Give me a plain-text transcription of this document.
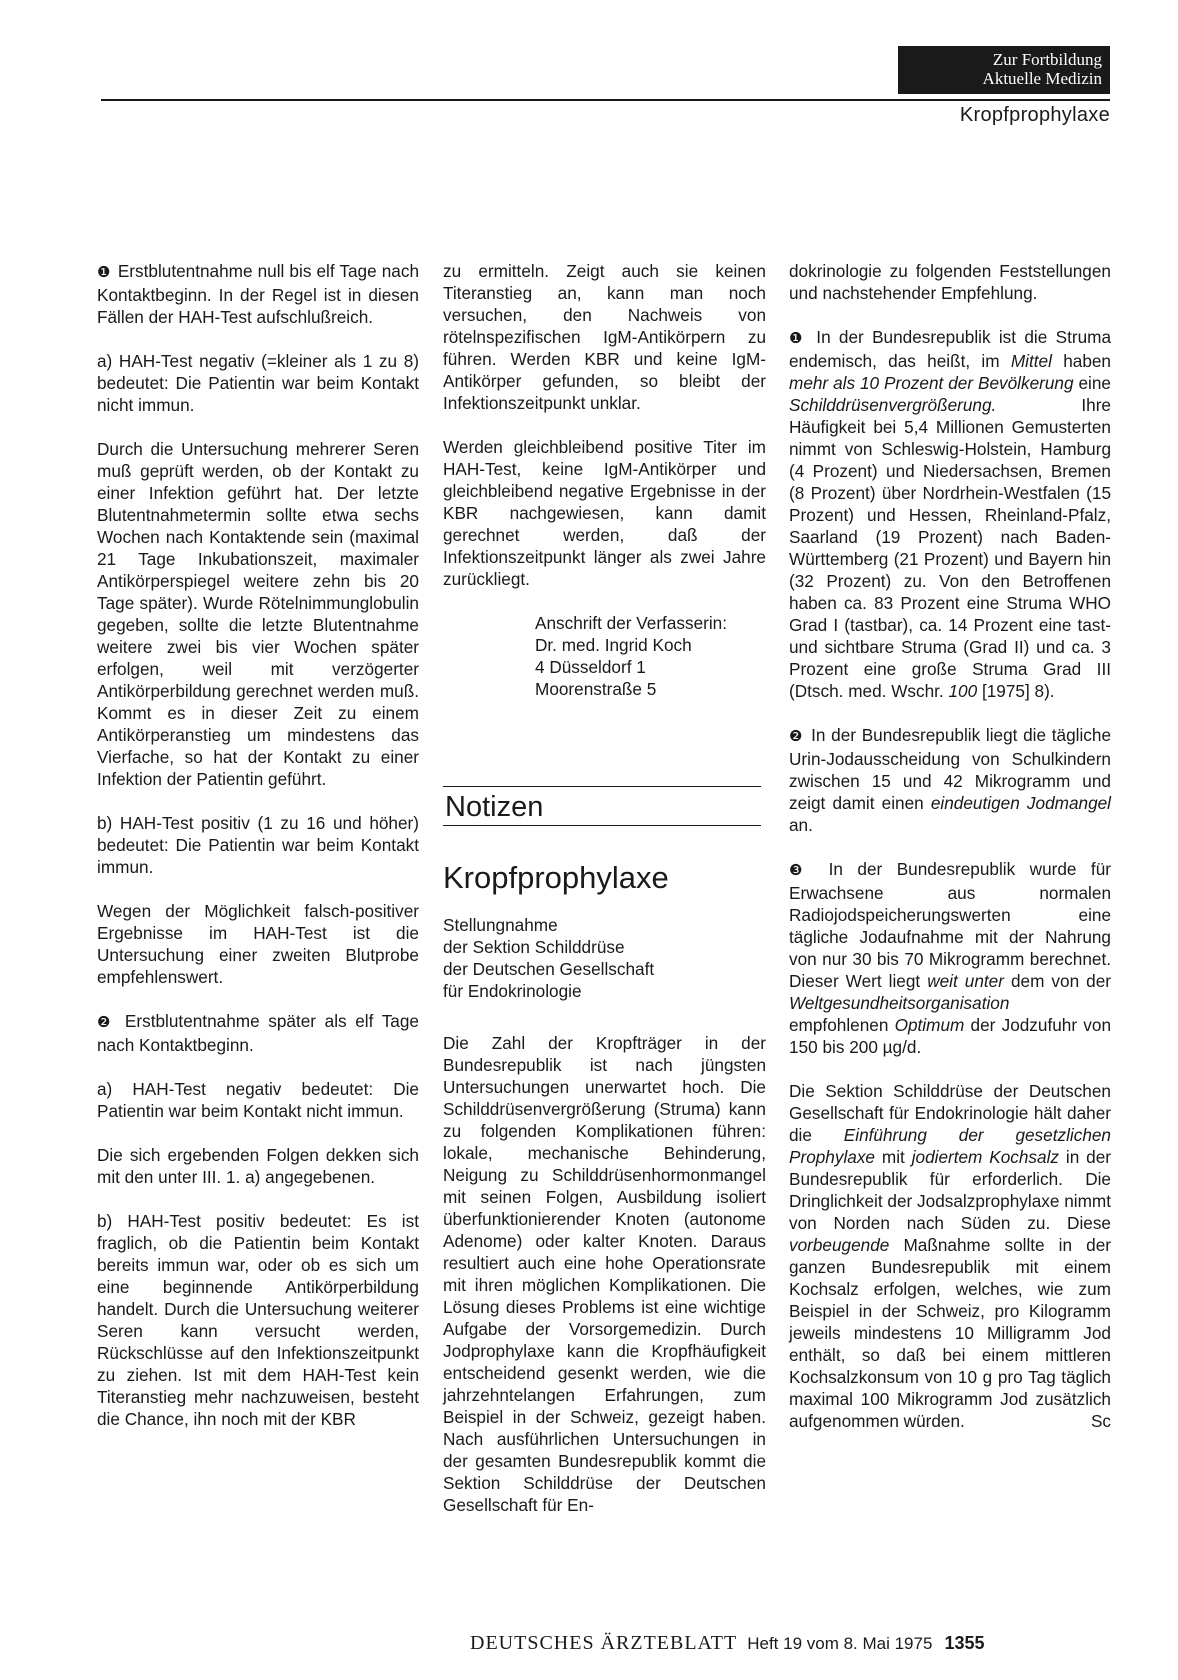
Zur Fortbildung
Aktuelle Medizin
Kropfprophylaxe

❶ Erstblutentnahme null bis elf Tage nach Kontaktbeginn. In der Regel ist in diesen Fällen der HAH-Test aufschlußreich.

a) HAH-Test negativ (=kleiner als 1 zu 8) bedeutet: Die Patientin war beim Kontakt nicht immun.

Durch die Untersuchung mehrerer Seren muß geprüft werden, ob der Kontakt zu einer Infektion geführt hat. Der letzte Blutentnahmetermin sollte etwa sechs Wochen nach Kontaktende sein (maximal 21 Tage Inkubationszeit, maximaler Antikörperspiegel weitere zehn bis 20 Tage später). Wurde Rötelnimmunglobulin gegeben, sollte die letzte Blutentnahme weitere zwei bis vier Wochen später erfolgen, weil mit verzögerter Antikörperbildung gerechnet werden muß. Kommt es in dieser Zeit zu einem Antikörperanstieg um mindestens das Vierfache, so hat der Kontakt zu einer Infektion der Patientin geführt.

b) HAH-Test positiv (1 zu 16 und höher) bedeutet: Die Patientin war beim Kontakt immun.

Wegen der Möglichkeit falsch-positiver Ergebnisse im HAH-Test ist die Untersuchung einer zweiten Blutprobe empfehlenswert.

❷ Erstblutentnahme später als elf Tage nach Kontaktbeginn.

a) HAH-Test negativ bedeutet: Die Patientin war beim Kontakt nicht immun.

Die sich ergebenden Folgen dekken sich mit den unter III. 1. a) angegebenen.

b) HAH-Test positiv bedeutet: Es ist fraglich, ob die Patientin beim Kontakt bereits immun war, oder ob es sich um eine beginnende Antikörperbildung handelt. Durch die Untersuchung weiterer Seren kann versucht werden, Rückschlüsse auf den Infektionszeitpunkt zu ziehen. Ist mit dem HAH-Test kein Titeranstieg mehr nachzuweisen, besteht die Chance, ihn noch mit der KBR

zu ermitteln. Zeigt auch sie keinen Titeranstieg an, kann man noch versuchen, den Nachweis von rötelnspezifischen IgM-Antikörpern zu führen. Werden KBR und keine IgM-Antikörper gefunden, so bleibt der Infektionszeitpunkt unklar.

Werden gleichbleibend positive Titer im HAH-Test, keine IgM-Antikörper und gleichbleibend negative Ergebnisse in der KBR nachgewiesen, kann damit gerechnet werden, daß der Infektionszeitpunkt länger als zwei Jahre zurückliegt.

Anschrift der Verfasserin:
Dr. med. Ingrid Koch
4 Düsseldorf 1
Moorenstraße 5
Notizen
Kropfprophylaxe
Stellungnahme
der Sektion Schilddrüse
der Deutschen Gesellschaft
für Endokrinologie

Die Zahl der Kropfträger in der Bundesrepublik ist nach jüngsten Untersuchungen unerwartet hoch. Die Schilddrüsenvergrößerung (Struma) kann zu folgenden Komplikationen führen: lokale, mechanische Behinderung, Neigung zu Schilddrüsenhormonmangel mit seinen Folgen, Ausbildung isoliert überfunktionierender Knoten (autonome Adenome) oder kalter Knoten. Daraus resultiert auch eine hohe Operationsrate mit ihren möglichen Komplikationen. Die Lösung dieses Problems ist eine wichtige Aufgabe der Vorsorgemedizin. Durch Jodprophylaxe kann die Kropfhäufigkeit entscheidend gesenkt werden, wie die jahrzehntelangen Erfahrungen, zum Beispiel in der Schweiz, gezeigt haben. Nach ausführlichen Untersuchungen in der gesamten Bundesrepublik kommt die Sektion Schilddrüse der Deutschen Gesellschaft für En-

dokrinologie zu folgenden Feststellungen und nachstehender Empfehlung.

❶ In der Bundesrepublik ist die Struma endemisch, das heißt, im Mittel haben mehr als 10 Prozent der Bevölkerung eine Schilddrüsenvergrößerung. Ihre Häufigkeit bei 5,4 Millionen Gemusterten nimmt von Schleswig-Holstein, Hamburg (4 Prozent) und Niedersachsen, Bremen (8 Prozent) über Nordrhein-Westfalen (15 Prozent) und Hessen, Rheinland-Pfalz, Saarland (19 Prozent) nach Baden-Württemberg (21 Prozent) und Bayern hin (32 Prozent) zu. Von den Betroffenen haben ca. 83 Prozent eine Struma WHO Grad I (tastbar), ca. 14 Prozent eine tast- und sichtbare Struma (Grad II) und ca. 3 Prozent eine große Struma Grad III (Dtsch. med. Wschr. 100 [1975] 8).

❷ In der Bundesrepublik liegt die tägliche Urin-Jodausscheidung von Schulkindern zwischen 15 und 42 Mikrogramm und zeigt damit einen eindeutigen Jodmangel an.

❸ In der Bundesrepublik wurde für Erwachsene aus normalen Radiojodspeicherungswerten eine tägliche Jodaufnahme mit der Nahrung von nur 30 bis 70 Mikrogramm berechnet. Dieser Wert liegt weit unter dem von der Weltgesundheitsorganisation empfohlenen Optimum der Jodzufuhr von 150 bis 200 µg/d.

Die Sektion Schilddrüse der Deutschen Gesellschaft für Endokrinologie hält daher die Einführung der gesetzlichen Prophylaxe mit jodiertem Kochsalz in der Bundesrepublik für erforderlich. Die Dringlichkeit der Jodsalzprophylaxe nimmt von Norden nach Süden zu. Diese vorbeugende Maßnahme sollte in der ganzen Bundesrepublik mit einem Kochsalz erfolgen, welches, wie zum Beispiel in der Schweiz, pro Kilogramm jeweils mindestens 10 Milligramm Jod enthält, so daß bei einem mittleren Kochsalzkonsum von 10 g pro Tag täglich maximal 100 Mikrogramm Jod zusätzlich aufgenommen würden.	Sc

DEUTSCHES ÄRZTEBLATT Heft 19 vom 8. Mai 1975 1355
